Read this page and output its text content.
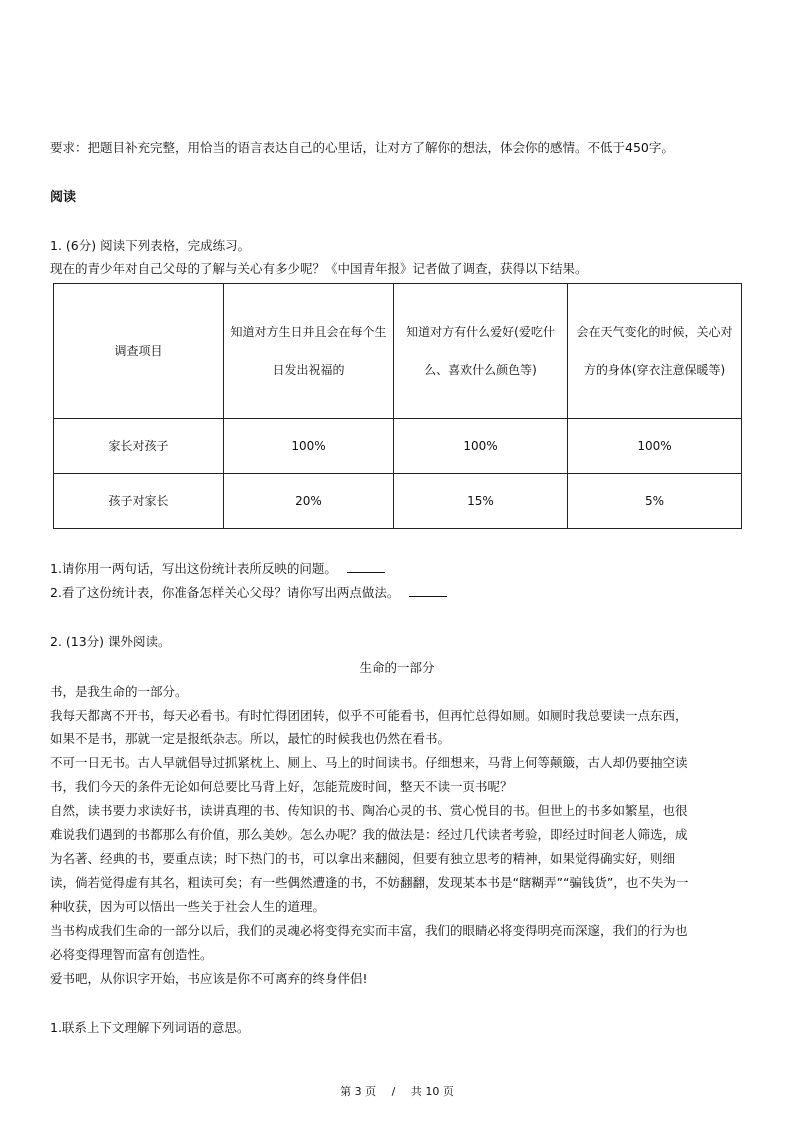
要求：把题目补充完整，用恰当的语言表达自己的心里话，让对方了解你的想法，体会你的感情。不低于450字。
阅读
1. (6分) 阅读下列表格，完成练习。
现在的青少年对自己父母的了解与关心有多少呢？《中国青年报》记者做了调查，获得以下结果。
调查项目	知道对方生日并且会在每个生日发出祝福的	知道对方有什么爱好(爱吃什么、喜欢什么颜色等)	会在天气变化的时候，关心对方的身体(穿衣注意保暖等)
家长对孩子	100%	100%	100%
孩子对家长	20%	15%	5%
1.请你用一两句话，写出这份统计表所反映的问题。
2.看了这份统计表，你准备怎样关心父母？请你写出两点做法。
2. (13分) 课外阅读。
生命的一部分
书，是我生命的一部分。
我每天都离不开书，每天必看书。有时忙得团团转，似乎不可能看书，但再忙总得如厕。如厕时我总要读一点东西，
如果不是书，那就一定是报纸杂志。所以，最忙的时候我也仍然在看书。
不可一日无书。古人早就倡导过抓紧枕上、厕上、马上的时间读书。仔细想来，马背上何等颠簸，古人却仍要抽空读
书，我们今天的条件无论如何总要比马背上好，怎能荒废时间，整天不读一页书呢？
自然，读书要力求读好书，读讲真理的书、传知识的书、陶冶心灵的书、赏心悦目的书。但世上的书多如繁星，也很
难说我们遇到的书都那么有价值，那么美妙。怎么办呢？我的做法是：经过几代读者考验，即经过时间老人筛选，成
为名著、经典的书，要重点读；时下热门的书，可以拿出来翻阅，但要有独立思考的精神，如果觉得确实好，则细
读，倘若觉得虚有其名，粗读可矣；有一些偶然遭逢的书，不妨翻翻，发现某本书是“瞎糊弄”“骗钱货”，也不失为一
种收获，因为可以悟出一些关于社会人生的道理。
当书构成我们生命的一部分以后，我们的灵魂必将变得充实而丰富，我们的眼睛必将变得明亮而深邃，我们的行为也
必将变得理智而富有创造性。
爱书吧，从你识字开始，书应该是你不可离弃的终身伴侣!
1.联系上下文理解下列词语的意思。
第 3 页 / 共 10 页
